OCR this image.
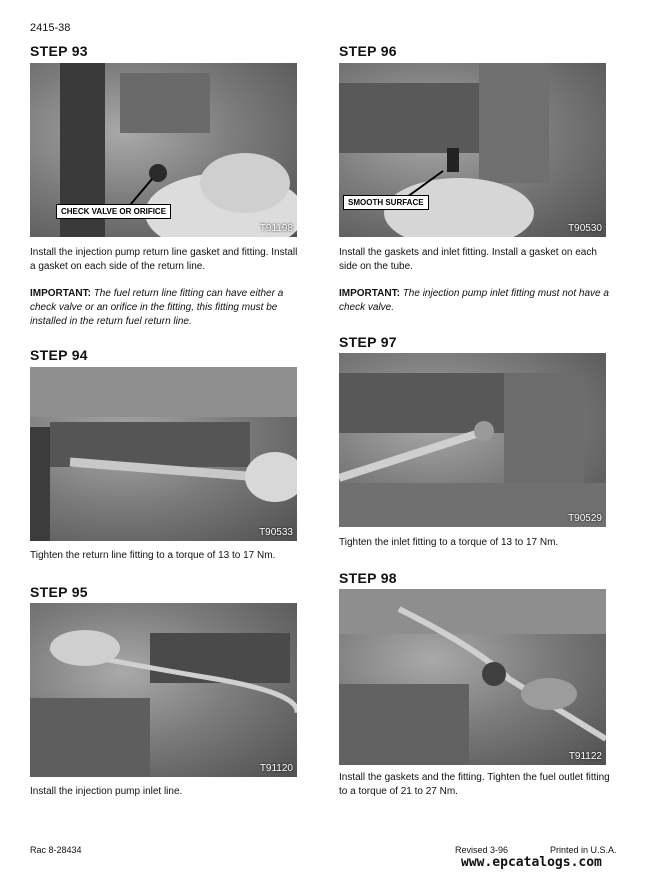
2415-38
STEP 93
CHECK VALVE OR ORIFICE
T91198
Install the injection pump return line gasket and fitting. Install a gasket on each side of the return line.
IMPORTANT: The fuel return line fitting can have either a check valve or an orifice in the fitting, this fitting must be installed in the return fuel return line.
STEP 94
T90533
Tighten the return line fitting to a torque of 13 to 17 Nm.
STEP 95
T91120
Install the injection pump inlet line.
STEP 96
SMOOTH SURFACE
T90530
Install the gaskets and inlet fitting. Install a gasket on each side on the tube.
IMPORTANT: The injection pump inlet fitting must not have a check valve.
STEP 97
T90529
Tighten the inlet fitting to a torque of 13 to 17 Nm.
STEP 98
T91122
Install the gaskets and the fitting. Tighten the fuel outlet fitting to a torque of 21 to 27 Nm.
Rac 8-28434	Revised 3-96	Printed in U.S.A.
www.epcatalogs.com
